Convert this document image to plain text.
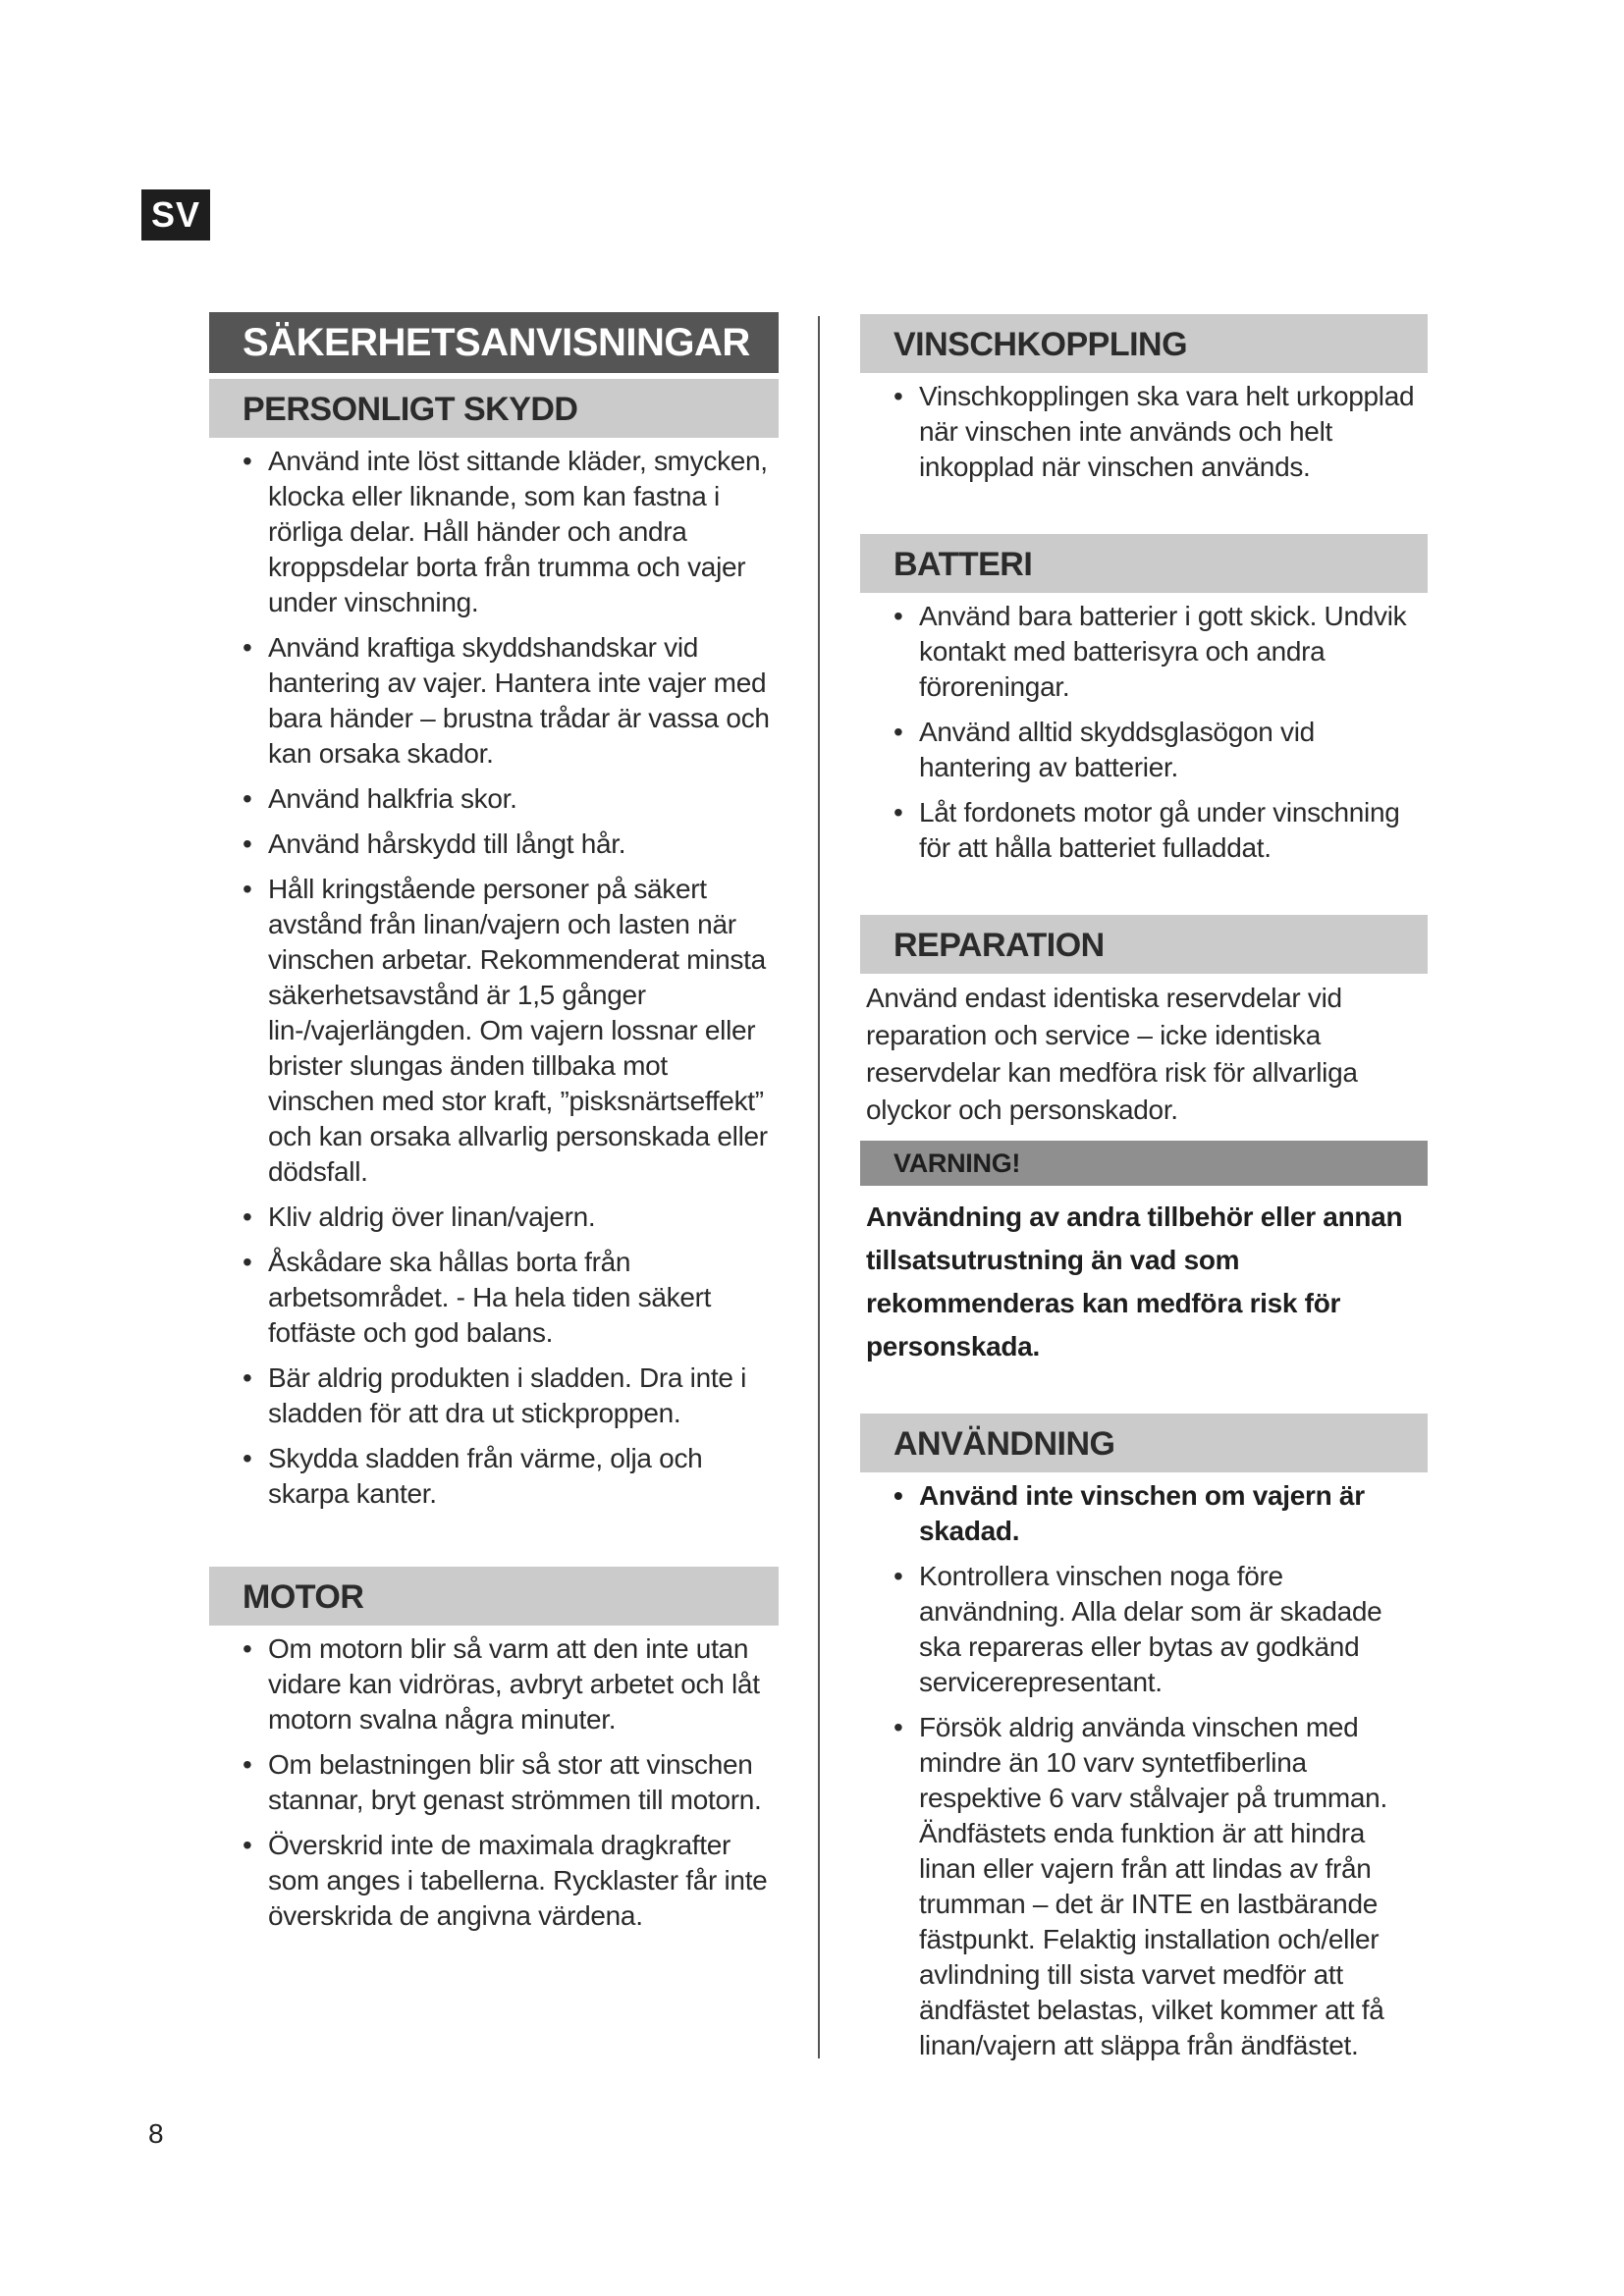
SV
SÄKERHETSANVISNINGAR
PERSONLIGT SKYDD
• Använd inte löst sittande kläder, smycken, klocka eller liknande, som kan fastna i rörliga delar. Håll händer och andra kroppsdelar borta från trumma och vajer under vinschning.
• Använd kraftiga skyddshandskar vid hantering av vajer. Hantera inte vajer med bara händer – brustna trådar är vassa och kan orsaka skador.
• Använd halkfria skor.
• Använd hårskydd till långt hår.
• Håll kringstående personer på säkert avstånd från linan/vajern och lasten när vinschen arbetar. Rekommenderat minsta säkerhetsavstånd är 1,5 gånger lin-/vajerlängden. Om vajern lossnar eller brister slungas änden tillbaka mot vinschen med stor kraft, ”pisksnärtseffekt” och kan orsaka allvarlig personskada eller dödsfall.
• Kliv aldrig över linan/vajern.
• Åskådare ska hållas borta från arbetsområdet. - Ha hela tiden säkert fotfäste och god balans.
• Bär aldrig produkten i sladden. Dra inte i sladden för att dra ut stickproppen.
• Skydda sladden från värme, olja och skarpa kanter.
MOTOR
• Om motorn blir så varm att den inte utan vidare kan vidröras, avbryt arbetet och låt motorn svalna några minuter.
• Om belastningen blir så stor att vinschen stannar, bryt genast strömmen till motorn.
• Överskrid inte de maximala dragkrafter som anges i tabellerna. Rycklaster får inte överskrida de angivna värdena.
VINSCHKOPPLING
• Vinschkopplingen ska vara helt urkopplad när vinschen inte används och helt inkopplad när vinschen används.
BATTERI
• Använd bara batterier i gott skick. Undvik kontakt med batterisyra och andra föroreningar.
• Använd alltid skyddsglasögon vid hantering av batterier.
• Låt fordonets motor gå under vinschning för att hålla batteriet fulladdat.
REPARATION

Använd endast identiska reservdelar vid reparation och service – icke identiska reservdelar kan medföra risk för allvarliga olyckor och personskador.

VARNING!

Användning av andra tillbehör eller annan tillsatsutrustning än vad som rekommenderas kan medföra risk för personskada.

ANVÄNDNING
• Använd inte vinschen om vajern är skadad.
• Kontrollera vinschen noga före användning. Alla delar som är skadade ska repareras eller bytas av godkänd servicerepresentant.
• Försök aldrig använda vinschen med mindre än 10 varv syntetfiberlina respektive 6 varv stålvajer på trumman. Ändfästets enda funktion är att hindra linan eller vajern från att lindas av från trumman – det är INTE en lastbärande fästpunkt. Felaktig installation och/eller avlindning till sista varvet medför att ändfästet belastas, vilket kommer att få linan/vajern att släppa från ändfästet.
8
